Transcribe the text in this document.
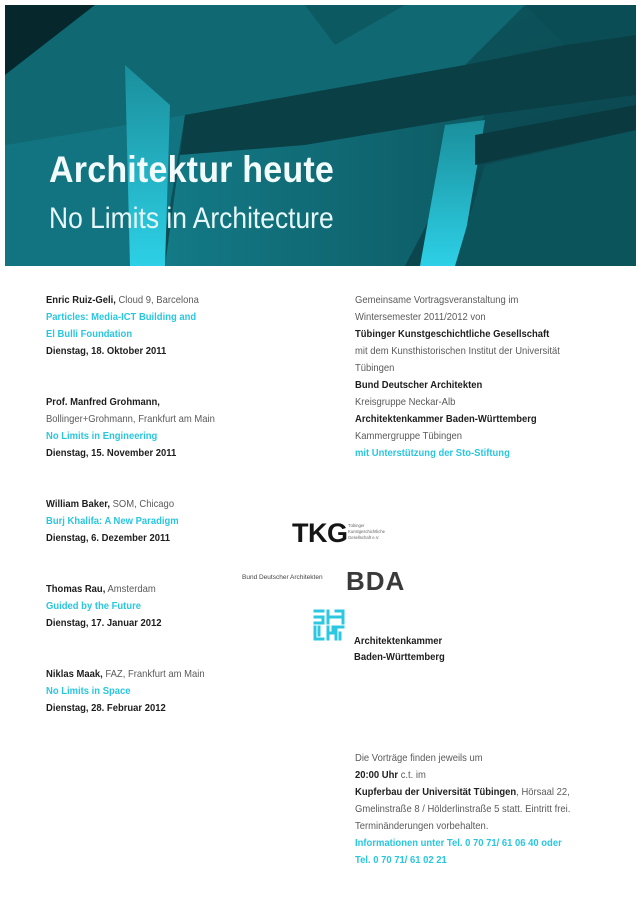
Architektur heute
No Limits in Architecture
Enric Ruiz-Geli, Cloud 9, Barcelona
Particles: Media-ICT Building and
El Bulli Foundation
Dienstag, 18. Oktober 2011
Prof. Manfred Grohmann,
Bollinger+Grohmann, Frankfurt am Main
No Limits in Engineering
Dienstag, 15. November 2011
William Baker, SOM, Chicago
Burj Khalifa: A New Paradigm
Dienstag, 6. Dezember 2011
Thomas Rau, Amsterdam
Guided by the Future
Dienstag, 17. Januar 2012
Niklas Maak, FAZ, Frankfurt am Main
No Limits in Space
Dienstag, 28. Februar 2012
Gemeinsame Vortragsveranstaltung im
Wintersemester 2011/2012 von
Tübinger Kunstgeschichtliche Gesellschaft
mit dem Kunsthistorischen Institut der Universität
Tübingen
Bund Deutscher Architekten
Kreisgruppe Neckar-Alb
Architektenkammer Baden-Württemberg
Kammergruppe Tübingen
mit Unterstützung der Sto-Stiftung
TKG Tübinger
Kunstgeschichtliche
Gesellschaft e.V.
Bund Deutscher Architekten BDA
Architektenkammer
Baden-Württemberg
Die Vorträge finden jeweils um
20:00 Uhr c.t. im
Kupferbau der Universität Tübingen, Hörsaal 22,
Gmelinstraße 8 / Hölderlinstraße 5 statt. Eintritt frei.
Terminänderungen vorbehalten.
Informationen unter Tel. 0 70 71/ 61 06 40 oder
Tel. 0 70 71/ 61 02 21
